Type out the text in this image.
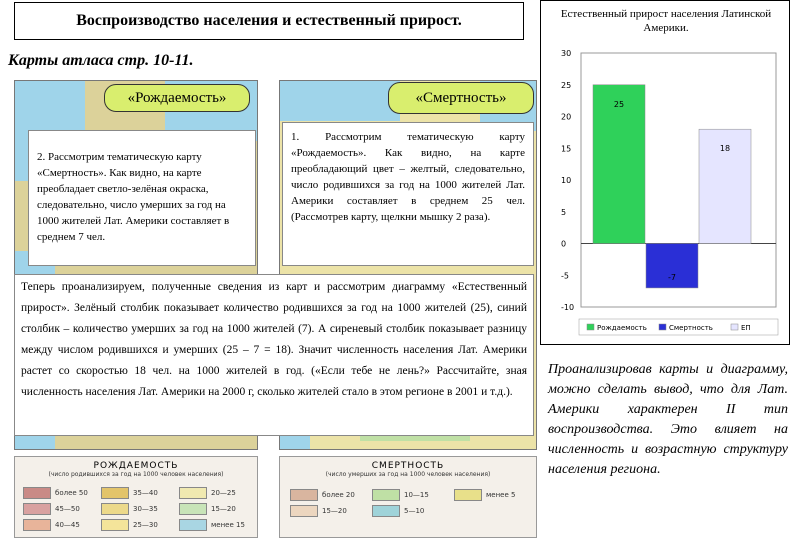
Воспроизводство населения и естественный прирост.
Карты атласа стр. 10-11.
«Рождаемость»
2. Рассмотрим тематическую карту «Смертность». Как видно, на карте преобладает светло-зелёная окраска, следовательно, число умерших за год на 1000 жителей Лат. Америки составляет в среднем 7 чел.
«Смертность»
1. Рассмотрим тематическую карту «Рождаемость». Как видно, на карте преобладающий цвет – желтый, следовательно, число родившихся за год на 1000 жителей Лат. Америки составляет в среднем 25 чел. (Рассмотрев карту, щелкни мышку 2 раза).
Теперь проанализируем, полученные сведения из карт и рассмотрим диаграмму «Естественный прирост». Зелёный столбик показывает количество родившихся за год на 1000 жителей (25), синий столбик – количество умерших за год на 1000 жителей (7). А сиреневый столбик показывает разницу между числом родившихся и умерших (25 – 7 = 18). Значит численность населения Лат. Америки растет со скоростью 18 чел. на 1000 жителей в год. («Если тебе не лень?» Рассчитайте, зная численность населения Лат. Америки на 2000 г, сколько жителей стало в этом регионе в 2001 и т.д.).
РОЖДАЕМОСТЬ
(число родившихся за год на 1000 человек населения)
более 50	35—40	20—25
45—50	30—35	15—20
40—45	25—30	менее 15
СМЕРТНОСТЬ
(число умерших за год на 1000 человек населения)
более 20	10—15	менее 5
15—20	5—10
Естественный прирост населения Латинской Америки.
-10
-5
0
5
10
15
20
25
30
25
-7
18
Рождаемость	Смертность	ЕП
Проанализировав карты и диаграмму, можно сделать вывод, что для Лат. Америки характерен II тип воспроизводства. Это влияет на численность и возрастную структуру населения региона.
